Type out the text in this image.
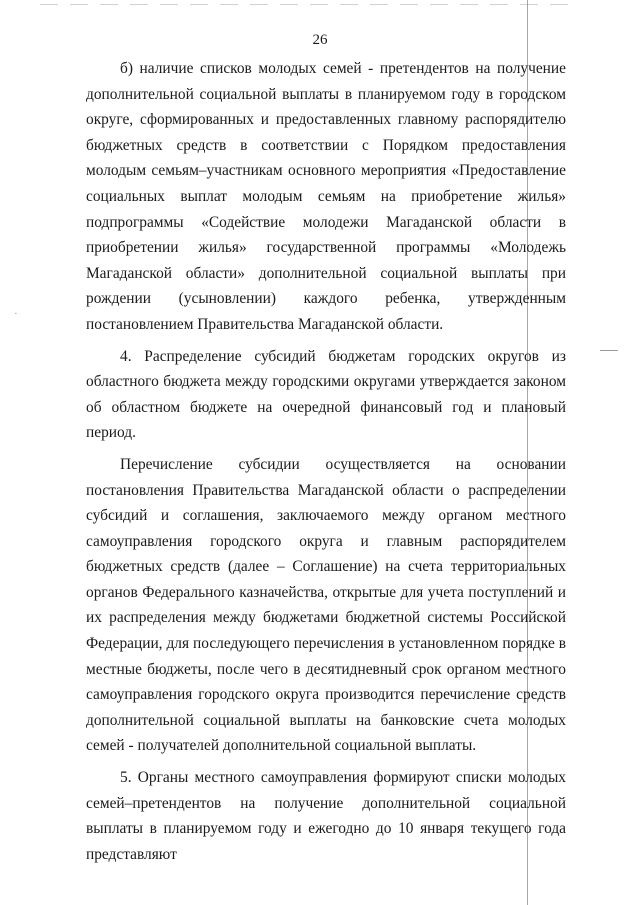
·
26

б) наличие списков молодых семей - претендентов на получение дополнительной социальной выплаты в планируемом году в городском округе, сформированных и предоставленных главному распорядителю бюджетных средств в соответствии с Порядком предоставления молодым семьям–участникам основного мероприятия «Предоставление социальных выплат молодым семьям на приобретение жилья» подпрограммы «Содействие молодежи Магаданской области в приобретении жилья» государственной программы «Молодежь Магаданской области» дополнительной социальной выплаты при рождении (усыновлении) каждого ребенка, утвержденным постановлением Правительства Магаданской области.

4. Распределение субсидий бюджетам городских округов из областного бюджета между городскими округами утверждается законом об областном бюджете на очередной финансовый год и плановый период.

Перечисление субсидии осуществляется на основании постановления Правительства Магаданской области о распределении субсидий и соглашения, заключаемого между органом местного самоуправления городского округа и главным распорядителем бюджетных средств (далее – Соглашение) на счета территориальных органов Федерального казначейства, открытые для учета поступлений и их распределения между бюджетами бюджетной системы Российской Федерации, для последующего перечисления в установленном порядке в местные бюджеты, после чего в десятидневный срок органом местного самоуправления городского округа производится перечисление средств дополнительной социальной выплаты на банковские счета молодых семей - получателей дополнительной социальной выплаты.

5. Органы местного самоуправления формируют списки молодых семей–претендентов на получение дополнительной социальной выплаты в планируемом году и ежегодно до 10 января текущего года представляют
